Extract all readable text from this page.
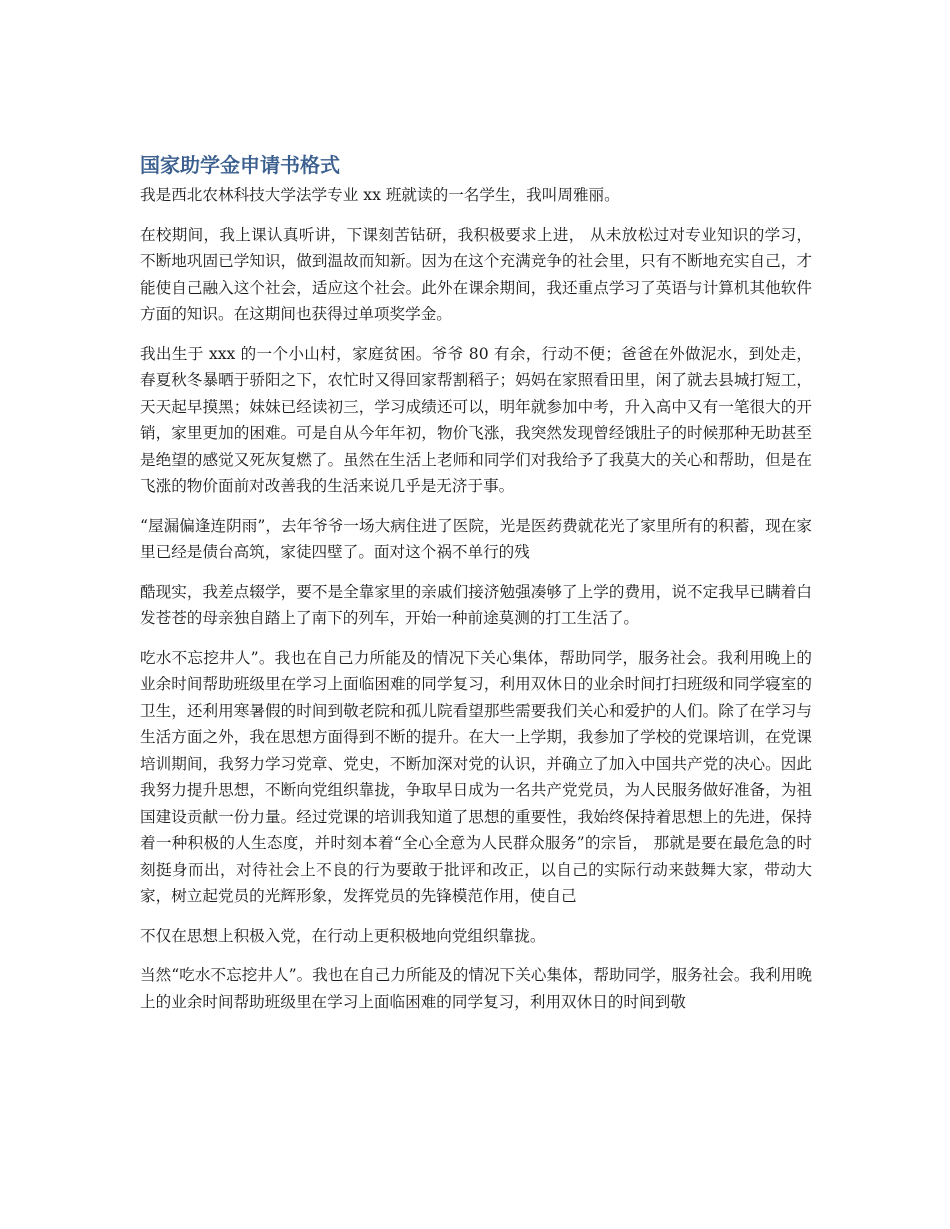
国家助学金申请书格式

我是西北农林科技大学法学专业 xx 班就读的一名学生，我叫周雅丽。

在校期间，我上课认真听讲，下课刻苦钻研，我积极要求上进， 从未放松过对专业知识的学习，不断地巩固已学知识，做到温故而知新。因为在这个充满竞争的社会里，只有不断地充实自己，才能使自己融入这个社会，适应这个社会。此外在课余期间，我还重点学习了英语与计算机其他软件方面的知识。在这期间也获得过单项奖学金。

我出生于 xxx 的一个小山村，家庭贫困。爷爷 80 有余，行动不便；爸爸在外做泥水，到处走，春夏秋冬暴晒于骄阳之下，农忙时又得回家帮割稻子；妈妈在家照看田里，闲了就去县城打短工，天天起早摸黑；妹妹已经读初三，学习成绩还可以，明年就参加中考，升入高中又有一笔很大的开销，家里更加的困难。可是自从今年年初，物价飞涨，我突然发现曾经饿肚子的时候那种无助甚至是绝望的感觉又死灰复燃了。虽然在生活上老师和同学们对我给予了我莫大的关心和帮助，但是在飞涨的物价面前对改善我的生活来说几乎是无济于事。

“屋漏偏逢连阴雨”，去年爷爷一场大病住进了医院，光是医药费就花光了家里所有的积蓄，现在家里已经是债台高筑，家徒四壁了。面对这个祸不单行的残

酷现实，我差点辍学，要不是全靠家里的亲戚们接济勉强凑够了上学的费用，说不定我早已瞒着白发苍苍的母亲独自踏上了南下的列车，开始一种前途莫测的打工生活了。

吃水不忘挖井人”。我也在自己力所能及的情况下关心集体，帮助同学，服务社会。我利用晚上的业余时间帮助班级里在学习上面临困难的同学复习，利用双休日的业余时间打扫班级和同学寝室的卫生，还利用寒暑假的时间到敬老院和孤儿院看望那些需要我们关心和爱护的人们。除了在学习与生活方面之外，我在思想方面得到不断的提升。在大一上学期，我参加了学校的党课培训，在党课培训期间，我努力学习党章、党史，不断加深对党的认识，并确立了加入中国共产党的决心。因此我努力提升思想，不断向党组织靠拢，争取早日成为一名共产党党员，为人民服务做好准备，为祖国建设贡献一份力量。经过党课的培训我知道了思想的重要性，我始终保持着思想上的先进，保持着一种积极的人生态度，并时刻本着“全心全意为人民群众服务”的宗旨， 那就是要在最危急的时刻挺身而出，对待社会上不良的行为要敢于批评和改正，以自己的实际行动来鼓舞大家，带动大家，树立起党员的光辉形象，发挥党员的先锋模范作用，使自己

不仅在思想上积极入党，在行动上更积极地向党组织靠拢。

当然“吃水不忘挖井人”。我也在自己力所能及的情况下关心集体，帮助同学，服务社会。我利用晚上的业余时间帮助班级里在学习上面临困难的同学复习，利用双休日的时间到敬
